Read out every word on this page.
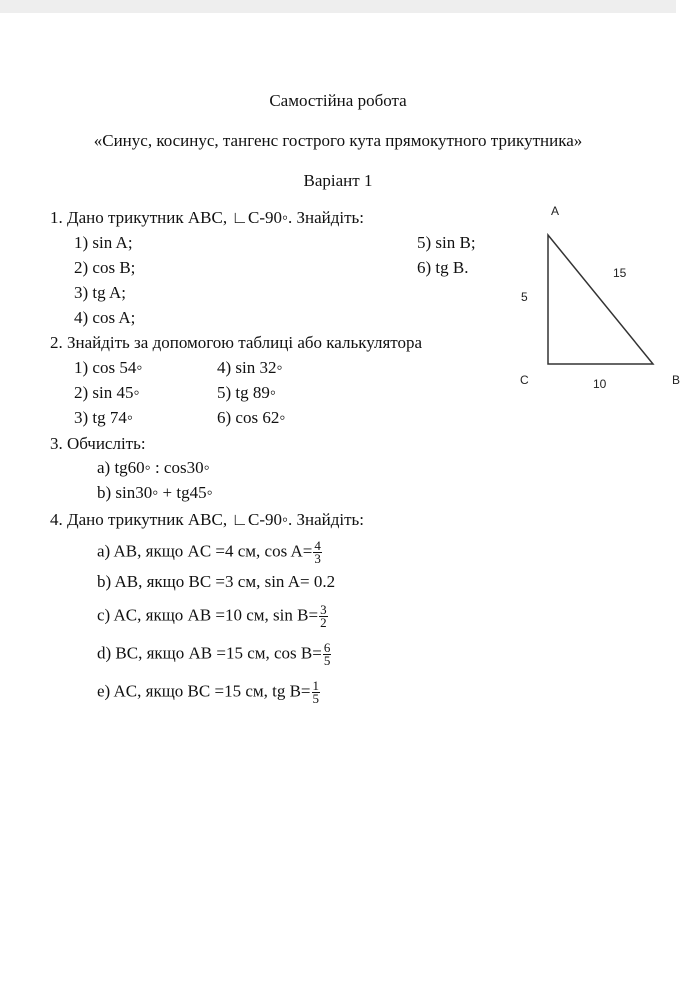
Самостійна робота
«Синус, косинус, тангенс гострого кута прямокутного трикутника»
Варіант 1
1. Дано трикутник ABC, ∟C-90◦. Знайдіть:
1) sin A;
2) cos B;
3) tg A;
4) cos A;
5) sin B;
6) tg B.
2. Знайдіть за допомогою таблиці або калькулятора
1) cos 54◦
2) sin 45◦
3) tg 74◦
4) sin 32◦
5) tg 89◦
6) cos 62◦
3. Обчисліть:
a) tg60◦ : cos30◦
b) sin30◦ + tg45◦
4. Дано трикутник ABC, ∟C-90◦. Знайдіть:
a) AB, якщо AC =4 см, $\cos A= \frac{4}{3}$
b) AB, якщо BC =3 см, sin A= 0.2
c) AC, якщо AB =10 см, $\sin B= \frac{3}{2}$
d) BC, якщо AB =15 см, $\cos B= \frac{6}{5}$
e) AC, якщо BC =15 см, tg $B= \frac{1}{5}$
A
C	B
5
10
15
